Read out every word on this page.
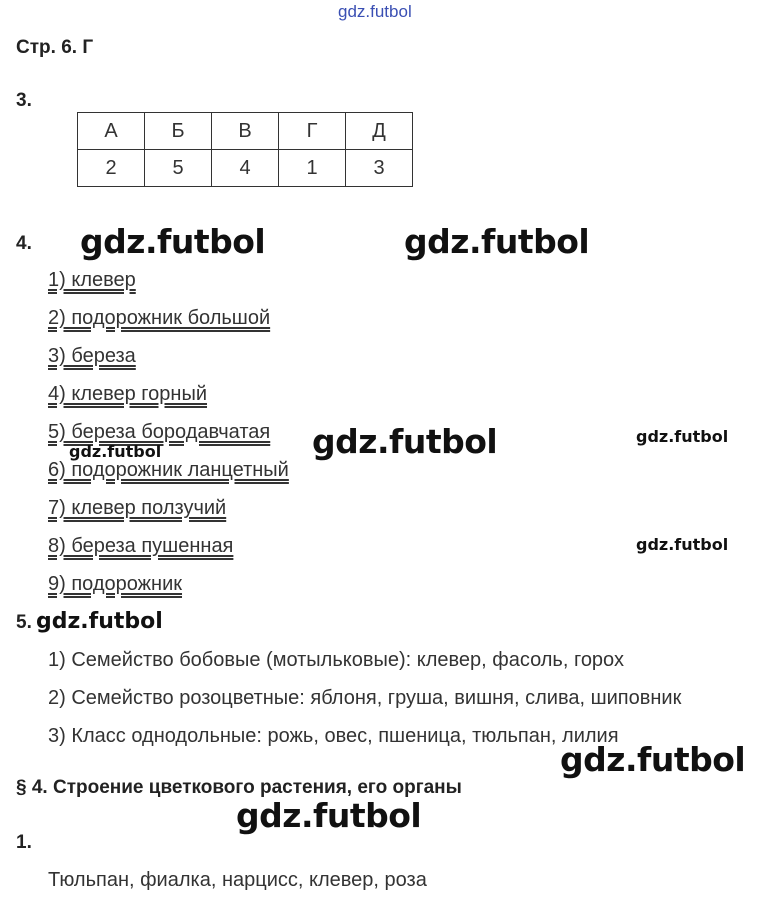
gdz.futbol
Стр. 6. Г
3.
А	Б	В	Г	Д
2	5	4	1	3
4. gdz.futbol	gdz.futbol
1) клевер
2) подорожник большой
3) береза
4) клевер горный
5) береза бородавчатая
6) подорожник ланцетный
7) клевер ползучий
8) береза пушенная
9) подорожник
gdz.futbol
gdz.futbol
gdz.futbol
gdz.futbol
5. gdz.futbol
1) Семейство бобовые (мотыльковые): клевер, фасоль, горох
2) Семейство розоцветные: яблоня, груша, вишня, слива, шиповник
3) Класс однодольные: рожь, овес, пшеница, тюльпан, лилия
gdz.futbol
§ 4. Строение цветкового растения, его органы
gdz.futbol
1.
Тюльпан, фиалка, нарцисс, клевер, роза
